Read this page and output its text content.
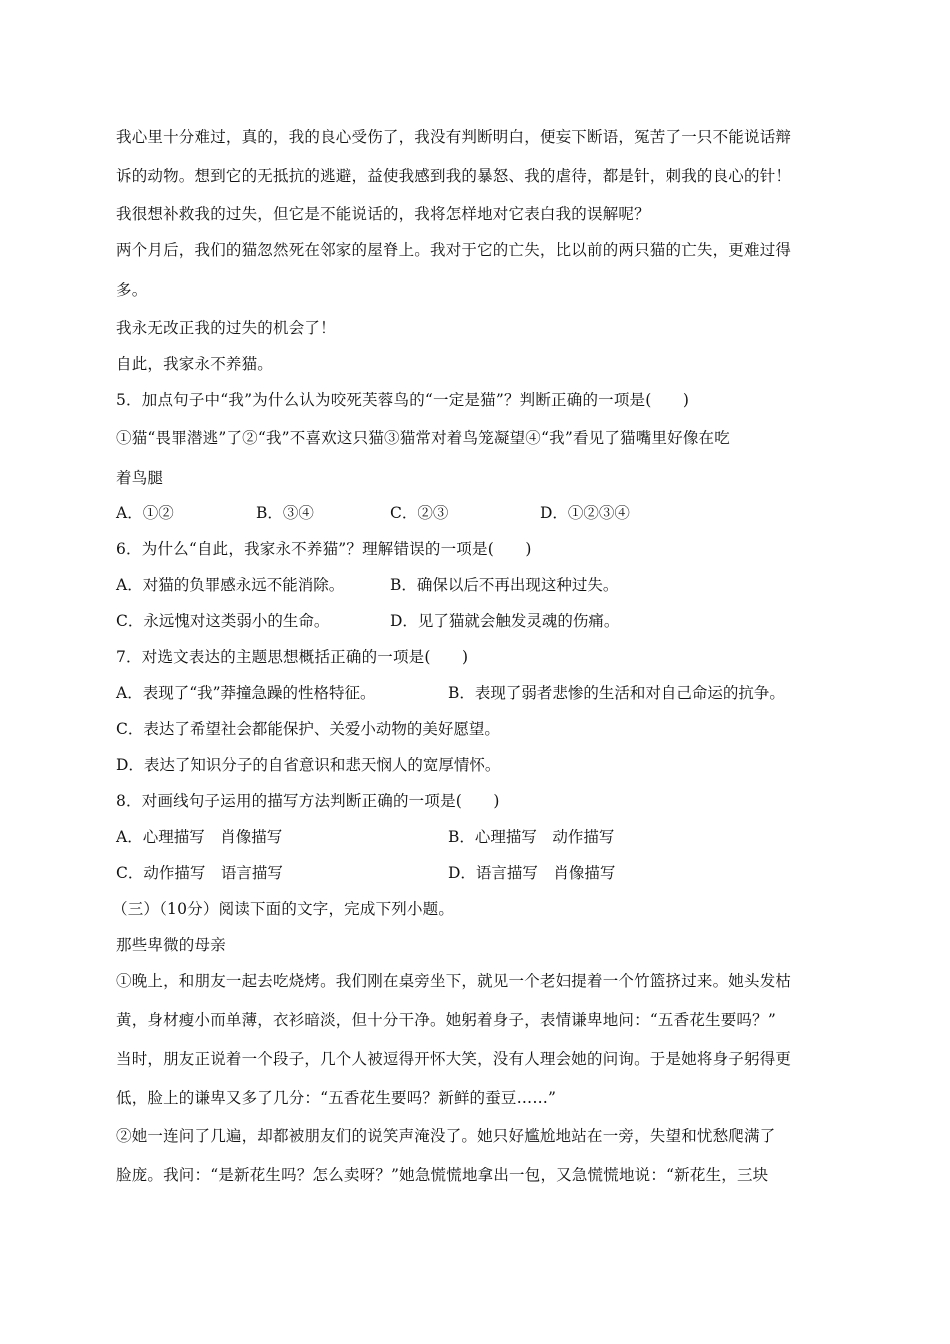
我心里十分难过，真的，我的良心受伤了，我没有判断明白，便妄下断语，冤苦了一只不能说话辩
诉的动物。想到它的无抵抗的逃避，益使我感到我的暴怒、我的虐待，都是针，刺我的良心的针！
我很想补救我的过失，但它是不能说话的，我将怎样地对它表白我的误解呢？
两个月后，我们的猫忽然死在邻家的屋脊上。我对于它的亡失，比以前的两只猫的亡失，更难过得
多。
我永无改正我的过失的机会了！
自此，我家永不养猫。
5．加点句子中“我”为什么认为咬死芙蓉鸟的“一定是猫”？判断正确的一项是(　　)
①猫“畏罪潜逃”了②“我”不喜欢这只猫③猫常对着鸟笼凝望④“我”看见了猫嘴里好像在吃
着鸟腿
A．①②	B．③④	C．②③	D．①②③④
6．为什么“自此，我家永不养猫”？理解错误的一项是(　　)
A．对猫的负罪感永远不能消除。	B．确保以后不再出现这种过失。
C．永远愧对这类弱小的生命。	D．见了猫就会触发灵魂的伤痛。
7．对选文表达的主题思想概括正确的一项是(　　)
A．表现了“我”莽撞急躁的性格特征。	B．表现了弱者悲惨的生活和对自己命运的抗争。
C．表达了希望社会都能保护、关爱小动物的美好愿望。
D．表达了知识分子的自省意识和悲天悯人的宽厚情怀。
8．对画线句子运用的描写方法判断正确的一项是(　　)
A．心理描写　肖像描写	B．心理描写　动作描写
C．动作描写　语言描写	D．语言描写　肖像描写
（三）（10分）阅读下面的文字，完成下列小题。
那些卑微的母亲
①晚上，和朋友一起去吃烧烤。我们刚在桌旁坐下，就见一个老妇提着一个竹篮挤过来。她头发枯
黄，身材瘦小而单薄，衣衫暗淡，但十分干净。她躬着身子，表情谦卑地问：“五香花生要吗？”
当时，朋友正说着一个段子，几个人被逗得开怀大笑，没有人理会她的问询。于是她将身子躬得更
低，脸上的谦卑又多了几分：“五香花生要吗？新鲜的蚕豆……”
②她一连问了几遍，却都被朋友们的说笑声淹没了。她只好尴尬地站在一旁，失望和忧愁爬满了
脸庞。我问：“是新花生吗？怎么卖呀？”她急慌慌地拿出一包，又急慌慌地说：“新花生，三块
